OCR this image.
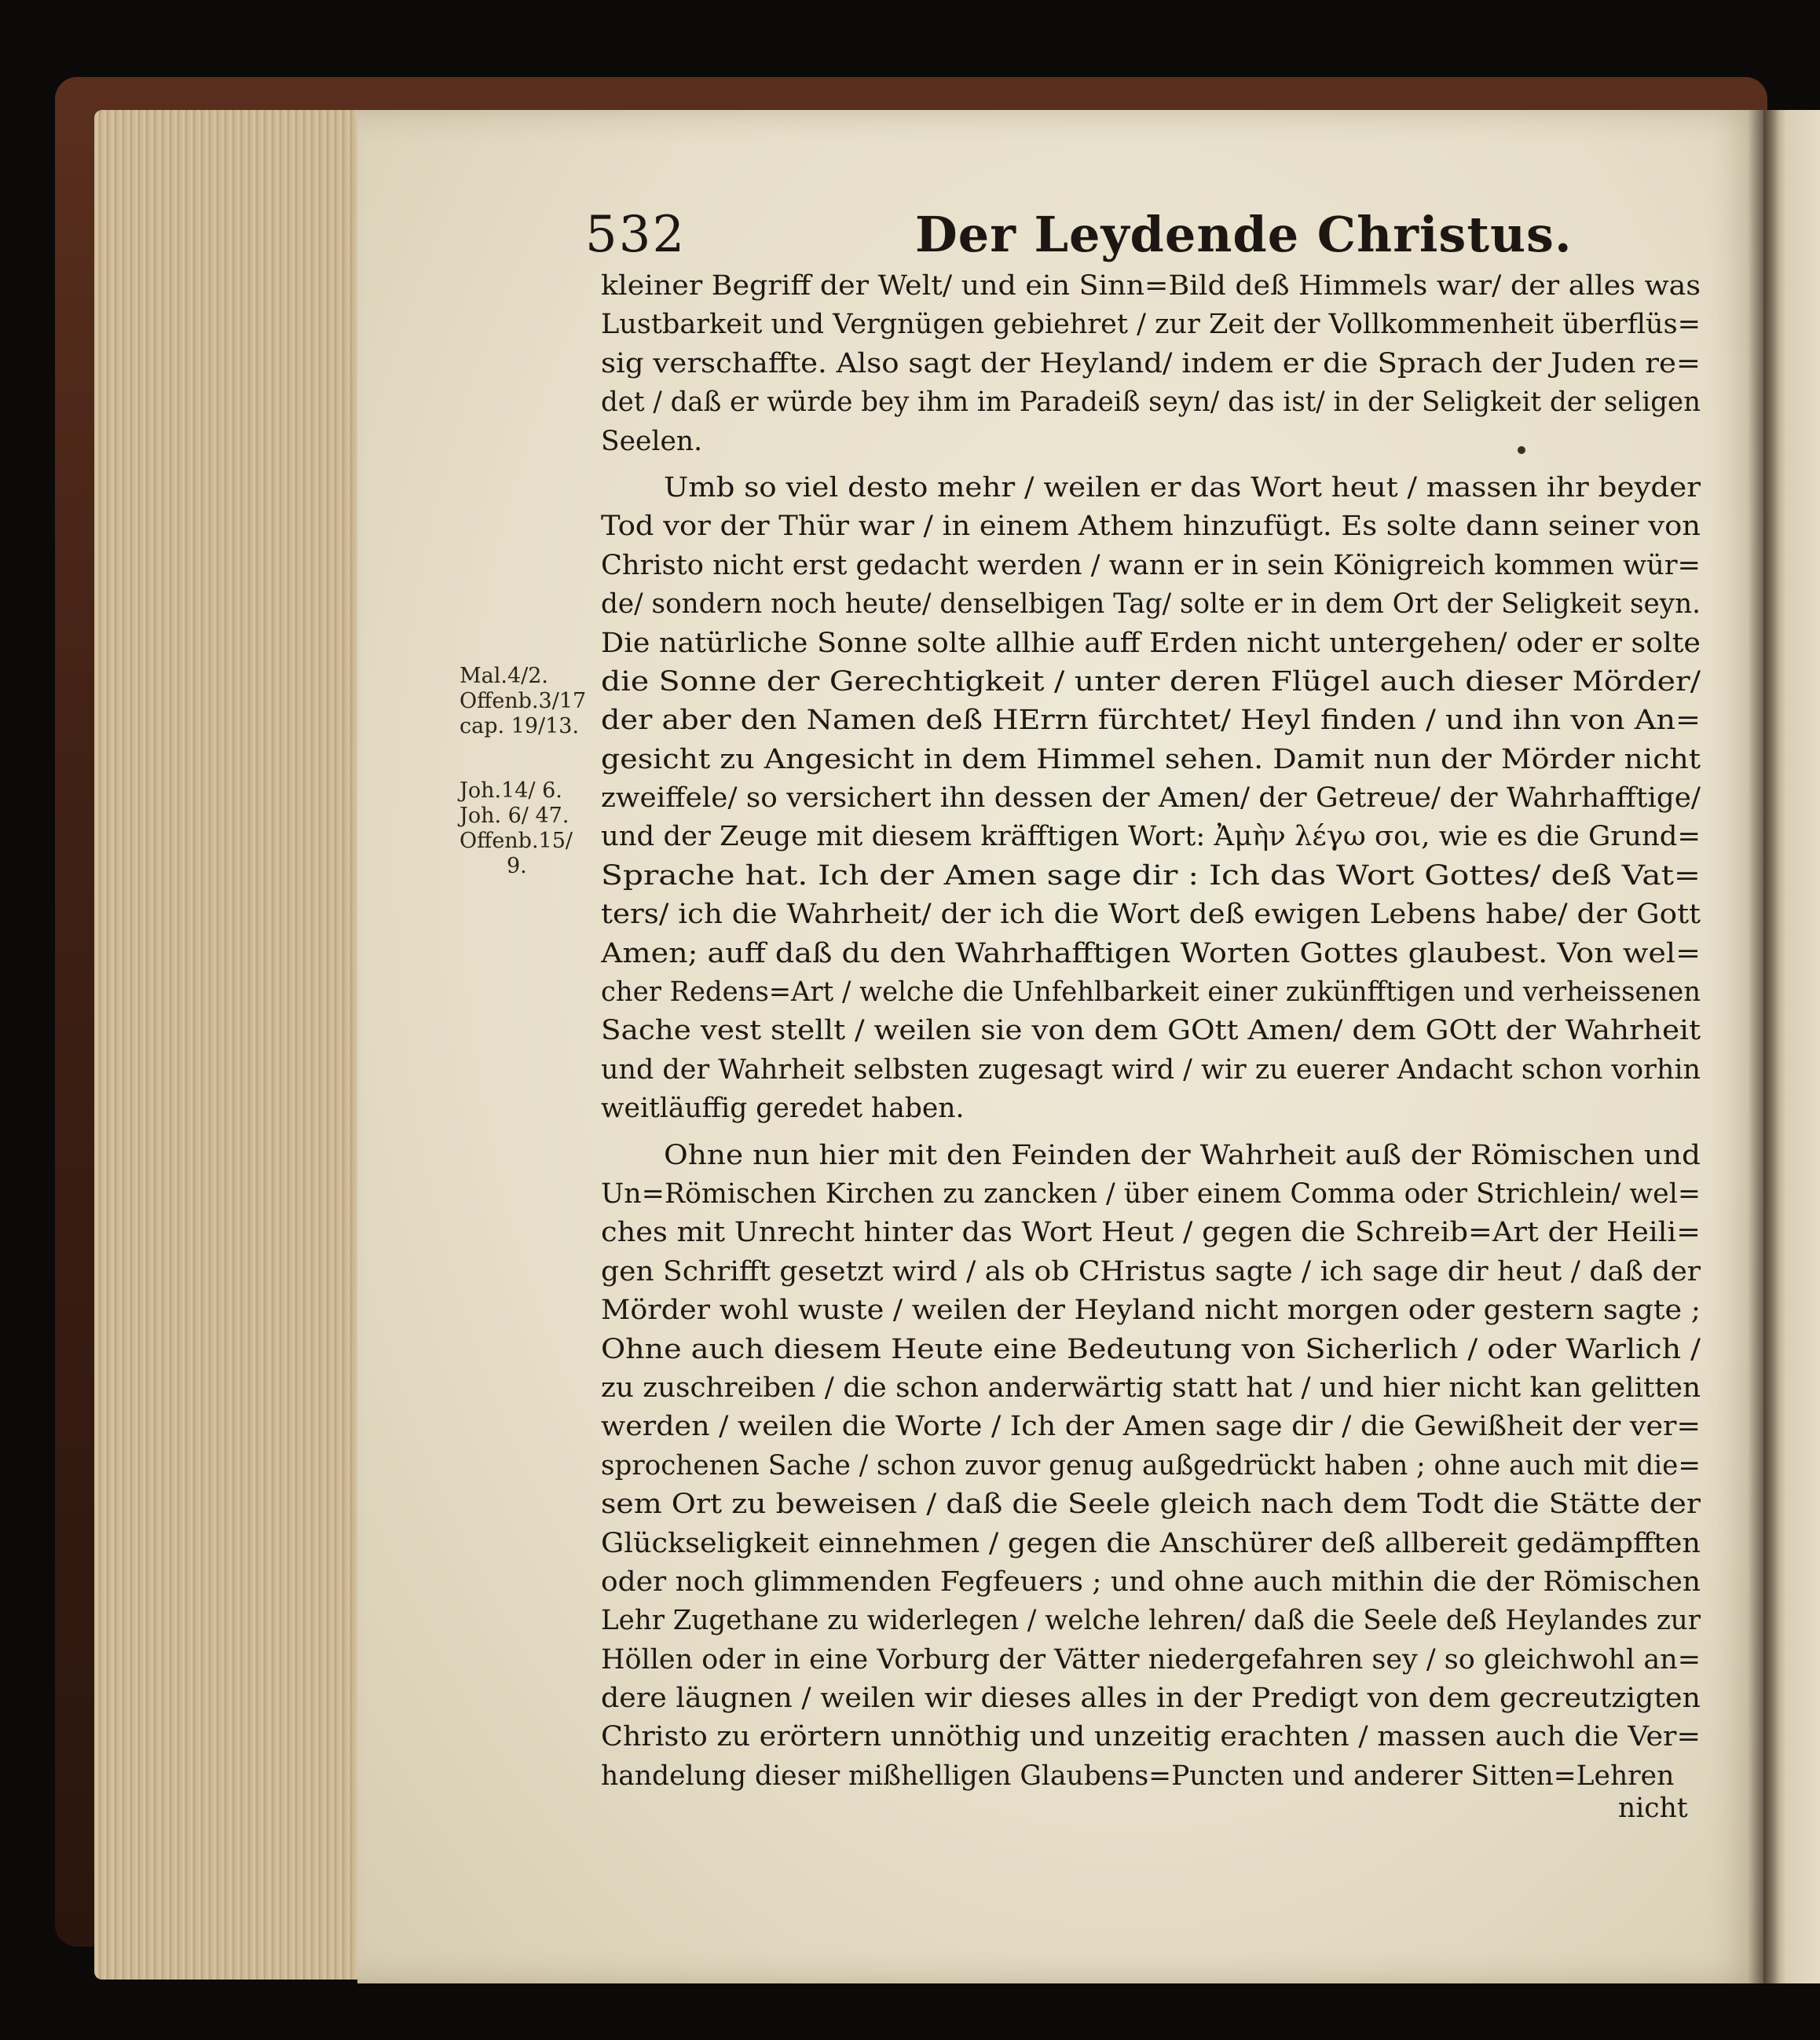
532	Der Leydende Christus.
Mal.4/2.
Offenb.3/17
cap. 19/13.
Joh.14/ 6.
Joh. 6/ 47.
Offenb.15/
9.

kleiner Begriff der Welt/ und ein Sinn=Bild deß Himmels war/ der alles was

Lustbarkeit und Vergnügen gebiehret / zur Zeit der Vollkommenheit überflüs=

sig verschaffte. Also sagt der Heyland/ indem er die Sprach der Juden re=

det / daß er würde bey ihm im Paradeiß seyn/ das ist/ in der Seligkeit der seligen

Seelen.

Umb so viel desto mehr / weilen er das Wort heut / massen ihr beyder

Tod vor der Thür war / in einem Athem hinzufügt. Es solte dann seiner von

Christo nicht erst gedacht werden / wann er in sein Königreich kommen wür=

de/ sondern noch heute/ denselbigen Tag/ solte er in dem Ort der Seligkeit seyn.

Die natürliche Sonne solte allhie auff Erden nicht untergehen/ oder er solte

die Sonne der Gerechtigkeit / unter deren Flügel auch dieser Mörder/

der aber den Namen deß HErrn fürchtet/ Heyl finden / und ihn von An=

gesicht zu Angesicht in dem Himmel sehen. Damit nun der Mörder nicht

zweiffele/ so versichert ihn dessen der Amen/ der Getreue/ der Wahrhafftige/

und der Zeuge mit diesem kräfftigen Wort: Ἀμὴν λέγω σοι, wie es die Grund=

Sprache hat. Ich der Amen sage dir : Ich das Wort Gottes/ deß Vat=

ters/ ich die Wahrheit/ der ich die Wort deß ewigen Lebens habe/ der Gott

Amen; auff daß du den Wahrhafftigen Worten Gottes glaubest. Von wel=

cher Redens=Art / welche die Unfehlbarkeit einer zukünfftigen und verheissenen

Sache vest stellt / weilen sie von dem GOtt Amen/ dem GOtt der Wahrheit

und der Wahrheit selbsten zugesagt wird / wir zu euerer Andacht schon vorhin

weitläuffig geredet haben.

Ohne nun hier mit den Feinden der Wahrheit auß der Römischen und

Un=Römischen Kirchen zu zancken / über einem Comma oder Strichlein/ wel=

ches mit Unrecht hinter das Wort Heut / gegen die Schreib=Art der Heili=

gen Schrifft gesetzt wird / als ob CHristus sagte / ich sage dir heut / daß der

Mörder wohl wuste / weilen der Heyland nicht morgen oder gestern sagte ;

Ohne auch diesem Heute eine Bedeutung von Sicherlich / oder Warlich /

zu zuschreiben / die schon anderwärtig statt hat / und hier nicht kan gelitten

werden / weilen die Worte / Ich der Amen sage dir / die Gewißheit der ver=

sprochenen Sache / schon zuvor genug außgedrückt haben ; ohne auch mit die=

sem Ort zu beweisen / daß die Seele gleich nach dem Todt die Stätte der

Glückseligkeit einnehmen / gegen die Anschürer deß allbereit gedämpfften

oder noch glimmenden Fegfeuers ; und ohne auch mithin die der Römischen

Lehr Zugethane zu widerlegen / welche lehren/ daß die Seele deß Heylandes zur

Höllen oder in eine Vorburg der Vätter niedergefahren sey / so gleichwohl an=

dere läugnen / weilen wir dieses alles in der Predigt von dem gecreutzigten

Christo zu erörtern unnöthig und unzeitig erachten / massen auch die Ver=

handelung dieser mißhelligen Glaubens=Puncten und anderer Sitten=Lehren

nicht
